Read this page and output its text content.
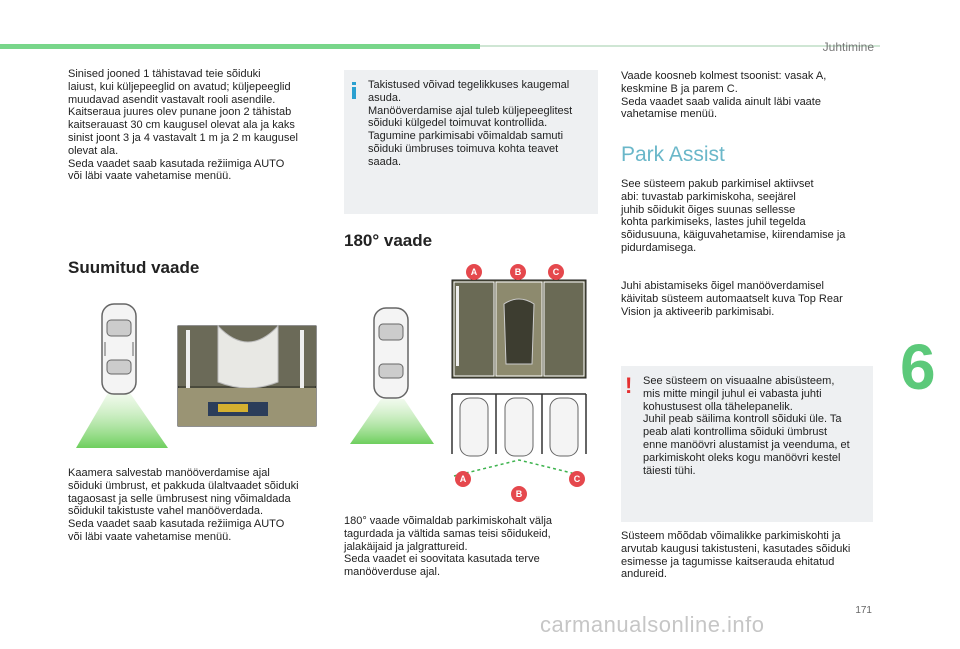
Juhtimine
6
171
carmanualsonline.info
Sinised jooned 1 tähistavad teie sõiduki
laiust, kui küljepeeglid on avatud; küljepeeglid
muudavad asendit vastavalt rooli asendile.
Kaitseraua juures olev punane joon 2 tähistab
kaitserauast 30 cm kaugusel olevat ala ja kaks
sinist joont 3 ja 4 vastavalt 1 m ja 2 m kaugusel
olevat ala.
Seda vaadet saab kasutada režiimiga AUTO
või läbi vaate vahetamise menüü.
Suumitud vaade
Kaamera salvestab manööverdamise ajal
sõiduki ümbrust, et pakkuda ülaltvaadet sõiduki
tagaosast ja selle ümbrusest ning võimaldada
sõidukil takistuste vahel manööverdada.
Seda vaadet saab kasutada režiimiga AUTO
või läbi vaate vahetamise menüü.
Takistused võivad tegelikkuses kaugemal
asuda.
Manööverdamise ajal tuleb küljepeeglitest
sõiduki külgedel toimuvat kontrollida.
Tagumine parkimisabi võimaldab samuti
sõiduki ümbruses toimuva kohta teavet
saada.
180° vaade
A	B	C
A
B
C
180° vaade võimaldab parkimiskohalt välja
tagurdada ja vältida samas teisi sõidukeid,
jalakäijaid ja jalgrattureid.
Seda vaadet ei soovitata kasutada terve
manööverduse ajal.
Vaade koosneb kolmest tsoonist: vasak A,
keskmine B ja parem C.
Seda vaadet saab valida ainult läbi vaate
vahetamise menüü.
Park Assist
See süsteem pakub parkimisel aktiivset
abi: tuvastab parkimiskoha, seejärel
juhib sõidukit õiges suunas sellesse
kohta parkimiseks, lastes juhil tegelda
sõidusuuna, käiguvahetamise, kiirendamise ja
pidurdamisega.
Juhi abistamiseks õigel manööverdamisel
käivitab süsteem automaatselt kuva Top Rear
Vision ja aktiveerib parkimisabi.
! See süsteem on visuaalne abisüsteem,
mis mitte mingil juhul ei vabasta juhti
kohustusest olla tähelepanelik.
Juhil peab säilima kontroll sõiduki üle. Ta
peab alati kontrollima sõiduki ümbrust
enne manöövri alustamist ja veenduma, et
parkimiskoht oleks kogu manöövri kestel
täiesti tühi.
Süsteem mõõdab võimalikke parkimiskohti ja
arvutab kaugusi takistusteni, kasutades sõiduki
esimesse ja tagumisse kaitserauda ehitatud
andureid.
